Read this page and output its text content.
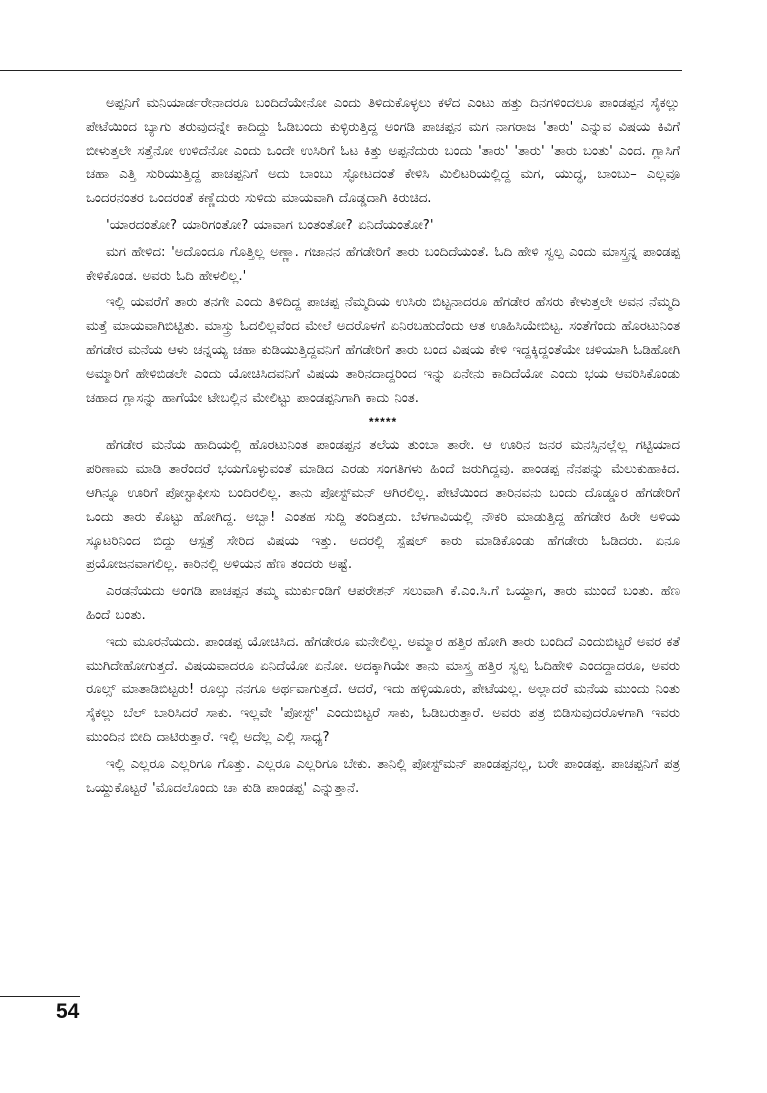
ಅಪ್ಪನಿಗೆ ಮನಿಯಾರ್ಡರೇನಾದರೂ ಬಂದಿದೆಯೇನೋ ಎಂದು ತಿಳಿದುಕೊಳ್ಳಲು ಕಳೆದ ಎಂಟು ಹತ್ತು ದಿನಗಳಿಂದಲೂ ಪಾಂಡಪ್ಪನ ಸೈಕಲ್ಲು ಪೇಟೆಯಿಂದ ಬ್ಯಾಗು ತರುವುದನ್ನೇ ಕಾದಿದ್ದು ಓಡಿಬಂದು ಕುಳ್ಳಿರುತ್ತಿದ್ದ ಅಂಗಡಿ ಪಾಚಪ್ಪನ ಮಗ ನಾಗರಾಜ 'ತಾರು' ಎನ್ನುವ ವಿಷಯ ಕಿವಿಗೆ ಬೀಳುತ್ತಲೇ ಸತ್ತೆನೋ ಉಳಿದೆನೋ ಎಂದು ಒಂದೇ ಉಸಿರಿಗೆ ಓಟ ಕಿತ್ತು ಅಪ್ಪನೆದುರು ಬಂದು 'ತಾರು' 'ತಾರು' 'ತಾರು ಬಂತು' ಎಂದ. ಗ್ಲಾಸಿಗೆ ಚಹಾ ಎತ್ತಿ ಸುರಿಯುತ್ತಿದ್ದ ಪಾಚಪ್ಪನಿಗೆ ಅದು ಬಾಂಬು ಸ್ಫೋಟದಂತೆ ಕೇಳಿಸಿ ಮಿಲಿಟರಿಯಲ್ಲಿದ್ದ ಮಗ, ಯುದ್ಧ, ಬಾಂಬು– ಎಲ್ಲವೂ ಒಂದರನಂತರ ಒಂದರಂತೆ ಕಣ್ಣೆದುರು ಸುಳಿದು ಮಾಯವಾಗಿ ದೊಡ್ಡದಾಗಿ ಕಿರುಚಿದ.

'ಯಾರದಂತೋ? ಯಾರಿಗಂತೋ? ಯಾವಾಗ ಬಂತಂತೋ? ಏನಿದೆಯಂತೋ?'

ಮಗ ಹೇಳಿದ: 'ಅದೊಂದೂ ಗೊತ್ತಿಲ್ಲ ಅಣ್ಣಾ. ಗಜಾನನ ಹೆಗಡೇರಿಗೆ ತಾರು ಬಂದಿದೆಯಂತೆ. ಓದಿ ಹೇಳಿ ಸ್ವಲ್ಪ ಎಂದು ಮಾಸ್ತ್ರನ್ನ ಪಾಂಡಪ್ಪ ಕೇಳಿಕೊಂಡ. ಅವರು ಓದಿ ಹೇಳಲಿಲ್ಲ.'

ಇಲ್ಲಿ ಯವರೆಗೆ ತಾರು ತನಗೇ ಎಂದು ತಿಳಿದಿದ್ದ ಪಾಚಪ್ಪ ನೆಮ್ಮದಿಯ ಉಸಿರು ಬಿಟ್ಟನಾದರೂ ಹೆಗಡೇರ ಹೆಸರು ಕೇಳುತ್ತಲೇ ಅವನ ನೆಮ್ಮದಿ ಮತ್ತೆ ಮಾಯವಾಗಿಬಿಟ್ಟಿತು. ಮಾಸ್ತ್ರು ಓದಲಿಲ್ಲವೆಂದ ಮೇಲೆ ಅದರೊಳಗೆ ಏನಿರಬಹುದೆಂದು ಆತ ಊಹಿಸಿಯೇಬಿಟ್ಟ. ಸಂತೆಗೆಂದು ಹೊರಟುನಿಂತ ಹೆಗಡೇರ ಮನೆಯ ಆಳು ಚನ್ನಯ್ಯ ಚಹಾ ಕುಡಿಯುತ್ತಿದ್ದವನಿಗೆ ಹೆಗಡೇರಿಗೆ ತಾರು ಬಂದ ವಿಷಯ ಕೇಳಿ ಇದ್ದಕ್ಕಿದ್ದಂತೆಯೇ ಚಳಿಯಾಗಿ ಓಡಿಹೋಗಿ ಅಮ್ಮಾರಿಗೆ ಹೇಳಿಬಿಡಲೇ ಎಂದು ಯೋಚಿಸಿದವನಿಗೆ ವಿಷಯ ತಾರಿನದಾದ್ದರಿಂದ ಇನ್ನು ಏನೇನು ಕಾದಿದೆಯೋ ಎಂದು ಭಯ ಆವರಿಸಿಕೊಂಡು ಚಹಾದ ಗ್ಲಾಸನ್ನು ಹಾಗೆಯೇ ಟೇಬಲ್ಲಿನ ಮೇಲಿಟ್ಟು ಪಾಂಡಪ್ಪನಿಗಾಗಿ ಕಾದು ನಿಂತ.

*****

ಹೆಗಡೇರ ಮನೆಯ ಹಾದಿಯಲ್ಲಿ ಹೊರಟುನಿಂತ ಪಾಂಡಪ್ಪನ ತಲೆಯ ತುಂಬಾ ತಾರೇ. ಆ ಊರಿನ ಜನರ ಮನಸ್ಸಿನಲ್ಲೆಲ್ಲ ಗಟ್ಟಿಯಾದ ಪರಿಣಾಮ ಮಾಡಿ ತಾರೆಂದರೆ ಭಯಗೊಳ್ಳುವಂತೆ ಮಾಡಿದ ಎರಡು ಸಂಗತಿಗಳು ಹಿಂದೆ ಜರುಗಿದ್ದವು. ಪಾಂಡಪ್ಪ ನೆನಪನ್ನು ಮೆಲುಕುಹಾಕಿದ. ಆಗಿನ್ನೂ ಊರಿಗೆ ಪೋಸ್ಟಾಫೀಸು ಬಂದಿರಲಿಲ್ಲ. ತಾನು ಪೋಸ್ಟ್‌ಮನ್ ಆಗಿರಲಿಲ್ಲ. ಪೇಟೆಯಿಂದ ತಾರಿನವನು ಬಂದು ದೊಡ್ಡೂರ ಹೆಗಡೇರಿಗೆ ಒಂದು ತಾರು ಕೊಟ್ಟು ಹೋಗಿದ್ದ. ಅಬ್ಬಾ! ಎಂತಹ ಸುದ್ದಿ ತಂದಿತ್ತದು. ಬೆಳಗಾವಿಯಲ್ಲಿ ನೌಕರಿ ಮಾಡುತ್ತಿದ್ದ ಹೆಗಡೇರ ಹಿರೇ ಅಳಿಯ ಸ್ಕೂಟರಿನಿಂದ ಬಿದ್ದು ಆಸ್ಪತ್ರೆ ಸೇರಿದ ವಿಷಯ ಇತ್ತು. ಅದರಲ್ಲಿ ಸ್ಪೆಷಲ್ ಕಾರು ಮಾಡಿಕೊಂಡು ಹೆಗಡೇರು ಓಡಿದರು. ಏನೂ ಪ್ರಯೋಜನವಾಗಲಿಲ್ಲ. ಕಾರಿನಲ್ಲಿ ಅಳಿಯನ ಹೆಣ ತಂದರು ಅಷ್ಟೆ.

ಎರಡನೆಯದು ಅಂಗಡಿ ಪಾಚಪ್ಪನ ತಮ್ಮ ಮುರ್ಕುಂಡಿಗೆ ಆಪರೇಶನ್ ಸಲುವಾಗಿ ಕೆ.ಎಂ.ಸಿ.ಗೆ ಒಯ್ದಾಗ, ತಾರು ಮುಂದೆ ಬಂತು. ಹೆಣ ಹಿಂದೆ ಬಂತು.

ಇದು ಮೂರನೆಯದು. ಪಾಂಡಪ್ಪ ಯೋಚಿಸಿದ. ಹೆಗಡೇರೂ ಮನೇಲಿಲ್ಲ. ಅಮ್ಮಾರ ಹತ್ತಿರ ಹೋಗಿ ತಾರು ಬಂದಿದೆ ಎಂದುಬಿಟ್ಟರೆ ಅವರ ಕತೆ ಮುಗಿದೇಹೋಗುತ್ತದೆ. ವಿಷಯವಾದರೂ ಏನಿದೆಯೋ ಏನೋ. ಅದಕ್ಕಾಗಿಯೇ ತಾನು ಮಾಸ್ತ್ರ ಹತ್ತಿರ ಸ್ವಲ್ಪ ಓದಿಹೇಳಿ ಎಂದದ್ದಾದರೂ, ಅವರು ರೂಲ್ಸ್ ಮಾತಾಡಿಬಿಟ್ಟರು! ರೂಲ್ಸು ನನಗೂ ಅರ್ಥವಾಗುತ್ತದೆ. ಆದರೆ, ಇದು ಹಳ್ಳಿಯೂರು, ಪೇಟೆಯಲ್ಲ. ಅಲ್ಲಾದರೆ ಮನೆಯ ಮುಂದು ನಿಂತು ಸೈಕಲ್ಲು ಬೆಲ್ ಬಾರಿಸಿದರೆ ಸಾಕು. ಇಲ್ಲವೇ 'ಪೋಸ್ಟ್' ಎಂದುಬಿಟ್ಟರೆ ಸಾಕು, ಓಡಿಬರುತ್ತಾರೆ. ಅವರು ಪತ್ರ ಬಿಡಿಸುವುದರೊಳಗಾಗಿ ಇವರು ಮುಂದಿನ ಬೀದಿ ದಾಟಿರುತ್ತಾರೆ. ಇಲ್ಲಿ ಅದೆಲ್ಲ ಎಲ್ಲಿ ಸಾಧ್ಯ?

ಇಲ್ಲಿ ಎಲ್ಲರೂ ಎಲ್ಲರಿಗೂ ಗೊತ್ತು. ಎಲ್ಲರೂ ಎಲ್ಲರಿಗೂ ಬೇಕು. ತಾನಿಲ್ಲಿ ಪೋಸ್ಟ್‌ಮನ್ ಪಾಂಡಪ್ಪನಲ್ಲ, ಬರೇ ಪಾಂಡಪ್ಪ. ಪಾಚಪ್ಪನಿಗೆ ಪತ್ರ ಒಯ್ದುಕೊಟ್ಟರೆ 'ಮೊದಲೊಂದು ಚಾ ಕುಡಿ ಪಾಂಡಪ್ಪ' ಎನ್ನುತ್ತಾನೆ.

54
